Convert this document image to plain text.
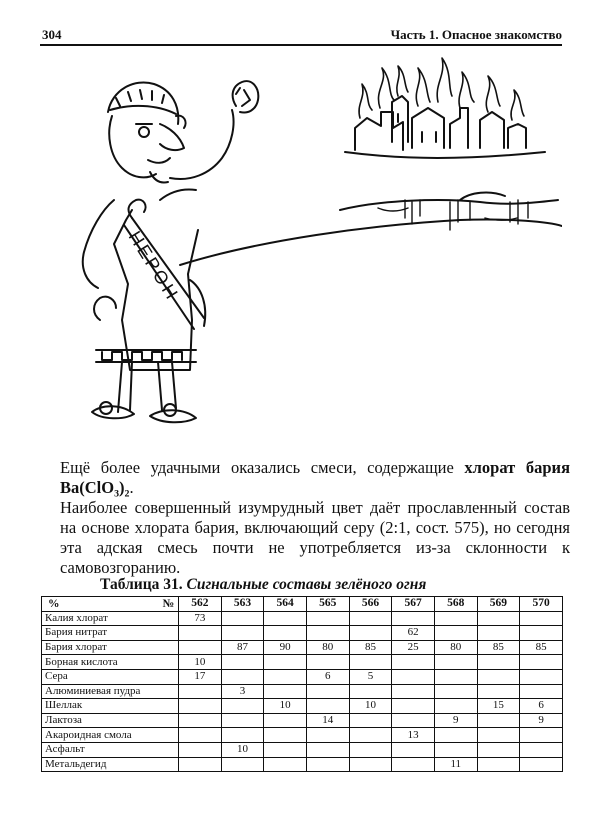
304	Часть 1. Опасное знакомство
НЕРОН
Ещё более удачными оказались смеси, содержащие хлорат бария Ba(ClO₃)₂.
Наиболее совершенный изумрудный цвет даёт прославленный состав на основе хлората бария, включающий серу (2:1, сост. 575), но сегодня эта адская смесь почти не употребляется из-за склонности к самовозгоранию.
Таблица 31. Сигнальные составы зелёного огня
% №	562	563	564	565	566	567	568	569	570
Калия хлорат	73								
Бария нитрат						62			
Бария хлорат		87	90	80	85	25	80	85	85
Борная кислота	10								
Сера	17			6	5				
Алюминиевая пудра		3							
Шеллак			10		10			15	6
Лактоза				14			9		9
Акароидная смола						13			
Асфальт		10							
Метальдегид							11		
